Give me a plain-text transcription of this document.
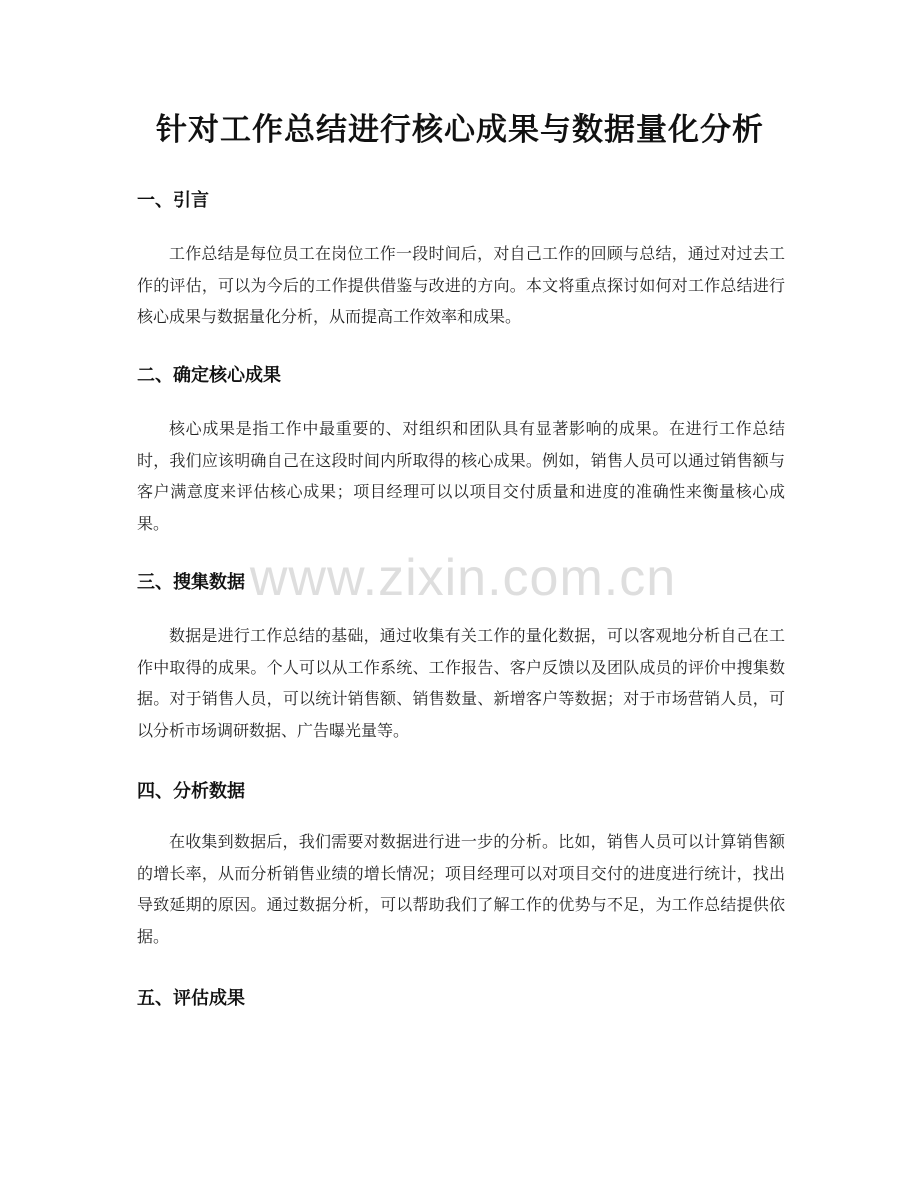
针对工作总结进行核心成果与数据量化分析
一、引言

工作总结是每位员工在岗位工作一段时间后，对自己工作的回顾与总结，通过对过去工作的评估，可以为今后的工作提供借鉴与改进的方向。本文将重点探讨如何对工作总结进行核心成果与数据量化分析，从而提高工作效率和成果。

二、确定核心成果

核心成果是指工作中最重要的、对组织和团队具有显著影响的成果。在进行工作总结时，我们应该明确自己在这段时间内所取得的核心成果。例如，销售人员可以通过销售额与客户满意度来评估核心成果；项目经理可以以项目交付质量和进度的准确性来衡量核心成果。

三、搜集数据

数据是进行工作总结的基础，通过收集有关工作的量化数据，可以客观地分析自己在工作中取得的成果。个人可以从工作系统、工作报告、客户反馈以及团队成员的评价中搜集数据。对于销售人员，可以统计销售额、销售数量、新增客户等数据；对于市场营销人员，可以分析市场调研数据、广告曝光量等。

四、分析数据

在收集到数据后，我们需要对数据进行进一步的分析。比如，销售人员可以计算销售额的增长率，从而分析销售业绩的增长情况；项目经理可以对项目交付的进度进行统计，找出导致延期的原因。通过数据分析，可以帮助我们了解工作的优势与不足，为工作总结提供依据。

五、评估成果
www.zixin.com.cn
